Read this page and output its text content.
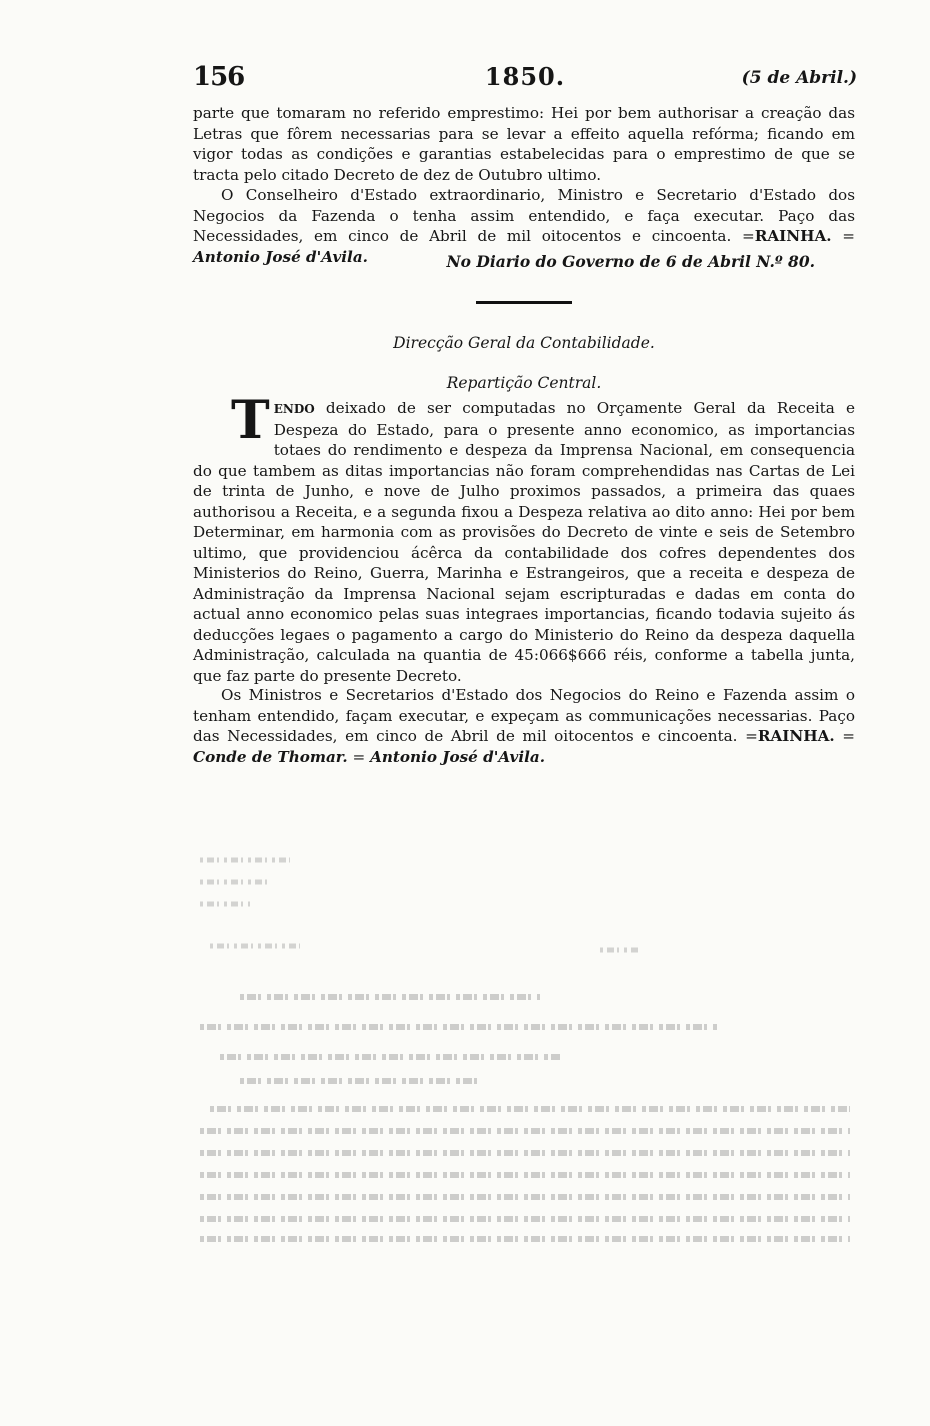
156	1850.	(5 de Abril.)
parte que tomaram no referido emprestimo: Hei por bem authorisar a creação das Letras que fôrem necessarias para se levar a effeito aquella refórma; ficando em vigor todas as condições e garantias estabelecidas para o emprestimo de que se tracta pelo citado Decreto de dez de Outubro ultimo.
O Conselheiro d'Estado extraordinario, Ministro e Secretario d'Estado dos Negocios da Fazenda o tenha assim entendido, e faça executar. Paço das Necessidades, em cinco de Abril de mil oitocentos e cincoenta. =RAINHA. = Antonio José d'Avila.	No Diario do Governo de 6 de Abril N.º 80.
Direcção Geral da Contabilidade.
Repartição Central.
TENDO deixado de ser computadas no Orçamente Geral da Receita e Despeza do Estado, para o presente anno economico, as importancias totaes do rendimento e despeza da Imprensa Nacional, em consequencia do que tambem as ditas importancias não foram comprehendidas nas Cartas de Lei de trinta de Junho, e nove de Julho proximos passados, a primeira das quaes authorisou a Receita, e a segunda fixou a Despeza relativa ao dito anno: Hei por bem Determinar, em harmonia com as provisões do Decreto de vinte e seis de Setembro ultimo, que providenciou ácêrca da contabilidade dos cofres dependentes dos Ministerios do Reino, Guerra, Marinha e Estrangeiros, que a receita e despeza de Administração da Imprensa Nacional sejam escripturadas e dadas em conta do actual anno economico pelas suas integraes importancias, ficando todavia sujeito ás deducções legaes o pagamento a cargo do Ministerio do Reino da despeza daquella Administração, calculada na quantia de 45:066$666 réis, conforme a tabella junta, que faz parte do presente Decreto.
Os Ministros e Secretarios d'Estado dos Negocios do Reino e Fazenda assim o tenham entendido, façam executar, e expeçam as communicações necessarias. Paço das Necessidades, em cinco de Abril de mil oitocentos e cincoenta. =RAINHA. = Conde de Thomar. = Antonio José d'Avila.
